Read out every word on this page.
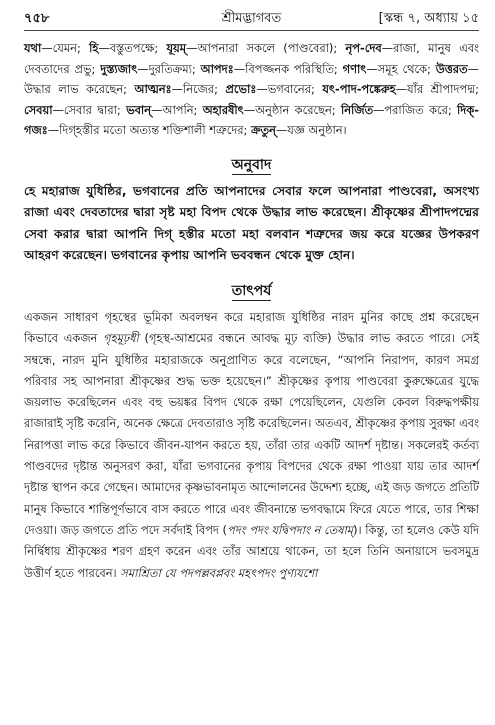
৭৫৮	শ্রীমদ্ভাগবত	[স্কন্ধ ৭, অধ্যায় ১৫

যথা—যেমন; হি—বস্তুতপক্ষে; যূয়ম্—আপনারা সকলে (পাণ্ডবেরা); নৃপ-দেব—রাজা, মানুষ এবং দেবতাদের প্রভু; দুস্ত্যজাৎ—দুরতিক্রম্য; আপদঃ—বিপজ্জনক পরিস্থিতি; গণাৎ—সমূহ থেকে; উত্তরত—উদ্ধার লাভ করেছেন; আত্মনঃ—নিজের; প্রভোঃ—ভগবানের; যৎ-পাদ-পঙ্কেরুহ—যাঁর শ্রীপাদপদ্ম; সেবয়া—সেবার দ্বারা; ভবান্—আপনি; অহারষীৎ—অনুষ্ঠান করেছেন; নির্জিত—পরাজিত করে; দিক্-গজঃ—দিগ্‌হস্তীর মতো অত্যন্ত শক্তিশালী শত্রুদের; ক্রতুন্—যজ্ঞ অনুষ্ঠান।

অনুবাদ

হে মহারাজ যুধিষ্ঠির, ভগবানের প্রতি আপনাদের সেবার ফলে আপনারা পাণ্ডবেরা, অসংখ্য রাজা এবং দেবতাদের দ্বারা সৃষ্ট মহা বিপদ থেকে উদ্ধার লাভ করেছেন। শ্রীকৃষ্ণের শ্রীপাদপদ্মের সেবা করার দ্বারা আপনি দিগ্‌ হস্তীর মতো মহা বলবান শত্রুদের জয় করে যজ্ঞের উপকরণ আহরণ করেছেন। ভগবানের কৃপায় আপনি ভববন্ধন থেকে মুক্ত হোন।

তাৎপর্য

একজন সাধারণ গৃহস্থের ভূমিকা অবলম্বন করে মহারাজ যুধিষ্ঠির নারদ মুনির কাছে প্রশ্ন করেছেন কিভাবে একজন গৃহমূঢ়ধী (গৃহস্থ-আশ্রমের বন্ধনে আবদ্ধ মূঢ় ব্যক্তি) উদ্ধার লাভ করতে পারে। সেই সম্বন্ধে, নারদ মুনি যুধিষ্ঠির মহারাজকে অনুপ্রাণিত করে বলেছেন, “আপনি নিরাপদ, কারণ সমগ্র পরিবার সহ আপনারা শ্রীকৃষ্ণের শুদ্ধ ভক্ত হয়েছেন।” শ্রীকৃষ্ণের কৃপায় পাণ্ডবেরা কুরুক্ষেত্রের যুদ্ধে জয়লাভ করেছিলেন এবং বহু ভয়ঙ্কর বিপদ থেকে রক্ষা পেয়েছিলেন, যেগুলি কেবল বিরুদ্ধপক্ষীয় রাজারাই সৃষ্টি করেনি, অনেক ক্ষেত্রে দেবতারাও সৃষ্টি করেছিলেন। অতএব, শ্রীকৃষ্ণের কৃপায় সুরক্ষা এবং নিরাপত্তা লাভ করে কিভাবে জীবন-যাপন করতে হয়, তাঁরা তার একটি আদর্শ দৃষ্টান্ত। সকলেরই কর্তব্য পাণ্ডবদের দৃষ্টান্ত অনুসরণ করা, যাঁরা ভগবানের কৃপায় বিপদের থেকে রক্ষা পাওয়া যায় তার আদর্শ দৃষ্টান্ত স্থাপন করে গেছেন। আমাদের কৃষ্ণভাবনামৃত আন্দোলনের উদ্দেশ্য হচ্ছে, এই জড় জগতে প্রতিটি মানুষ কিভাবে শান্তিপূর্ণভাবে বাস করতে পারে এবং জীবনান্তে ভগবদ্ধামে ফিরে যেতে পারে, তার শিক্ষা দেওয়া। জড় জগতে প্রতি পদে সর্বদাই বিপদ (পদং পদং যদ্বিপদাং ন তেষাম্)। কিন্তু, তা হলেও কেউ যদি নির্দ্বিধায় শ্রীকৃষ্ণের শরণ গ্রহণ করেন এবং তাঁর আশ্রয়ে থাকেন, তা হলে তিনি অনায়াসে ভবসমুদ্র উত্তীর্ণ হতে পারবেন। সমাশ্রিতা যে পদপল্লবপ্লবং মহৎপদং পুণ্যযশো
